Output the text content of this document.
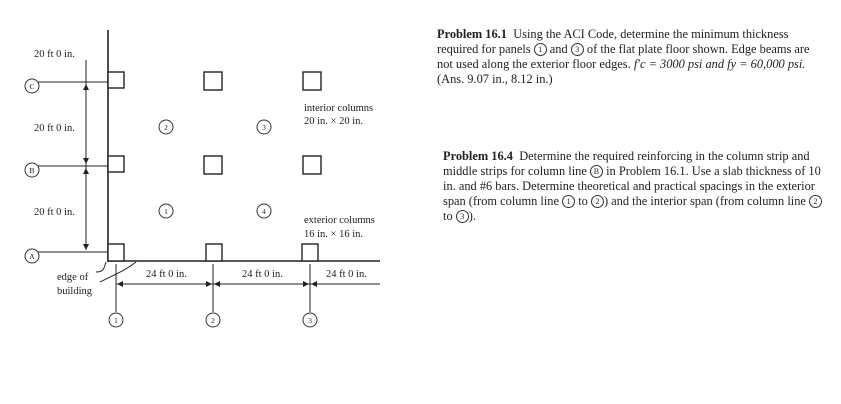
C
B
A
20 ft 0 in.
20 ft 0 in.
20 ft 0 in.
2	3
1	4
interior columns
20 in. × 20 in.
exterior columns
16 in. × 16 in.
24 ft 0 in.	24 ft 0 in.	24 ft 0 in.
1	2	3
edge of
building
Problem 16.1 Using the ACI Code, determine the minimum thickness required for panels 1 and 3 of the flat plate floor shown. Edge beams are not used along the exterior floor edges. f′c = 3000 psi and fy = 60,000 psi. (Ans. 9.07 in., 8.12 in.)
Problem 16.4 Determine the required reinforcing in the column strip and middle strips for column line B in Problem 16.1. Use a slab thickness of 10 in. and #6 bars. Determine theoretical and practical spacings in the exterior span (from column line 1 to 2 ) and the interior span (from column line 2 to 3 ).
